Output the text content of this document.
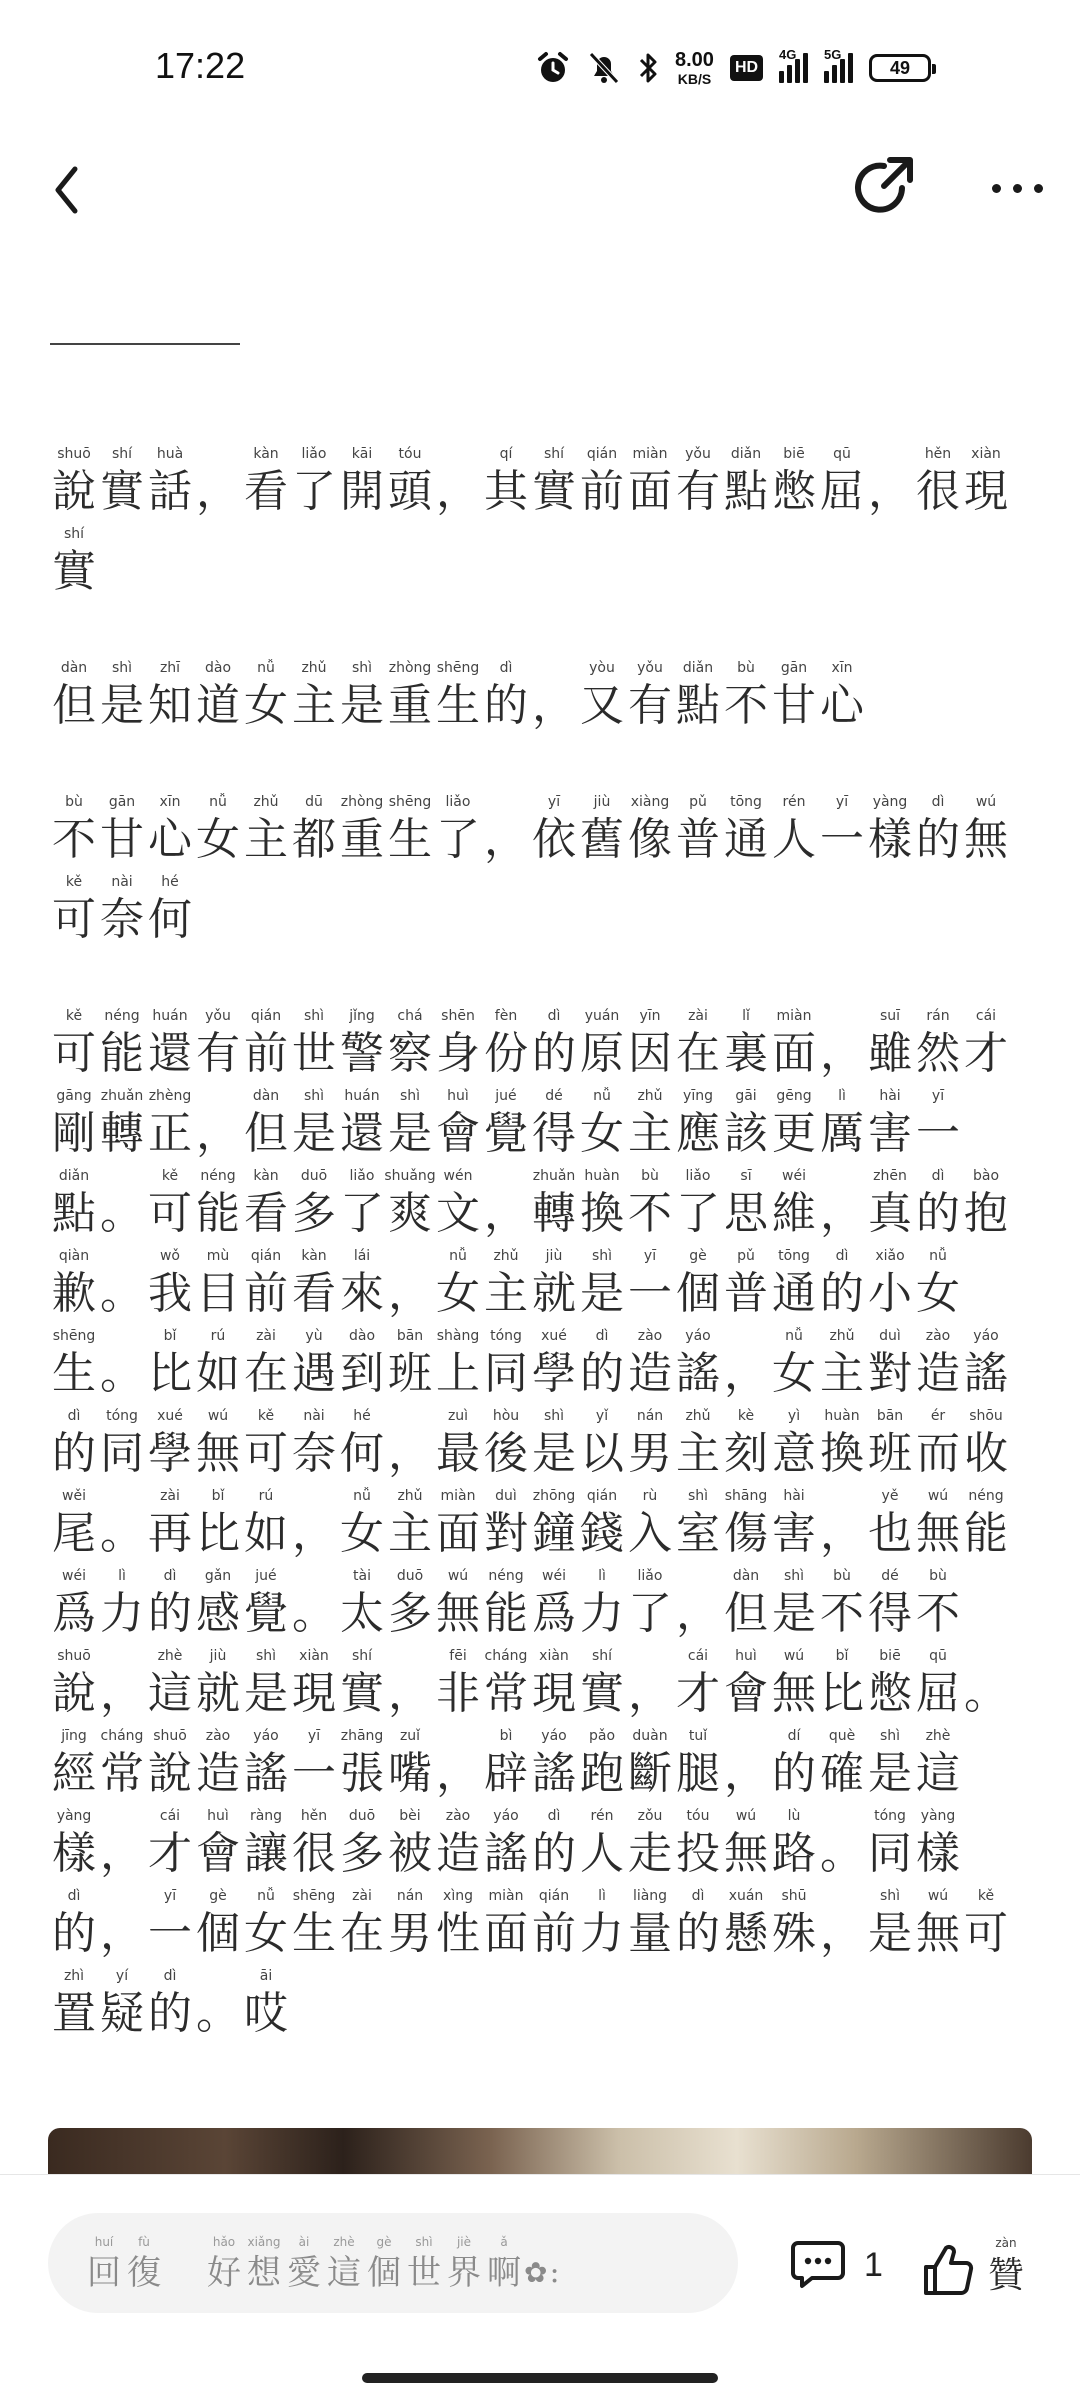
17:22	8.00
KB/S
HD
4G 5G
49
shuō
說
shí
實
huà
話 ，
kàn
看
liǎo
了
kāi
開
tóu
頭 ，
qí
其
shí
實
qián
前
miàn
面
yǒu
有
diǎn
點
biē
憋
qū
屈 ，
hěn
很
xiàn
現
shí
實
dàn
但
shì
是
zhī
知
dào
道
nǚ
女
zhǔ
主
shì
是
zhòng
重
shēng
生
dì
的 ，
yòu
又
yǒu
有
diǎn
點
bù
不
gān
甘
xīn
心
bù
不
gān
甘
xīn
心
nǚ
女
zhǔ
主
dū
都
zhòng
重
shēng
生
liǎo
了 ，
yī
依
jiù
舊
xiàng
像
pǔ
普
tōng
通
rén
人
yī
一
yàng
樣
dì
的
wú
無
kě
可
nài
奈
hé
何
kě
可
néng
能
huán
還
yǒu
有
qián
前
shì
世
jǐng
警
chá
察
shēn
身
fèn
份
dì
的
yuán
原
yīn
因
zài
在
lǐ
裏
miàn
面 ，
suī
雖
rán
然
cái
才
gāng
剛
zhuǎn
轉
zhèng
正 ，
dàn
但
shì
是
huán
還
shì
是
huì
會
jué
覺
dé
得
nǚ
女
zhǔ
主
yīng
應
gāi
該
gēng
更
lì
厲
hài
害
yī
一
diǎn
點 。
kě
可
néng
能
kàn
看
duō
多
liǎo
了
shuǎng
爽
wén
文 ，
zhuǎn
轉
huàn
換
bù
不
liǎo
了
sī
思
wéi
維 ，
zhēn
真
dì
的
bào
抱
qiàn
歉 。
wǒ
我
mù
目
qián
前
kàn
看
lái
來 ，
nǚ
女
zhǔ
主
jiù
就
shì
是
yī
一
gè
個
pǔ
普
tōng
通
dì
的
xiǎo
小
nǚ
女
shēng
生 。
bǐ
比
rú
如
zài
在
yù
遇
dào
到
bān
班
shàng
上
tóng
同
xué
學
dì
的
zào
造
yáo
謠 ，
nǚ
女
zhǔ
主
duì
對
zào
造
yáo
謠
dì
的
tóng
同
xué
學
wú
無
kě
可
nài
奈
hé
何 ，
zuì
最
hòu
後
shì
是
yǐ
以
nán
男
zhǔ
主
kè
刻
yì
意
huàn
換
bān
班
ér
而
shōu
收
wěi
尾 。
zài
再
bǐ
比
rú
如 ，
nǚ
女
zhǔ
主
miàn
面
duì
對
zhōng
鐘
qián
錢
rù
入
shì
室
shāng
傷
hài
害 ，
yě
也
wú
無
néng
能
wéi
爲
lì
力
dì
的
gǎn
感
jué
覺 。
tài
太
duō
多
wú
無
néng
能
wéi
爲
lì
力
liǎo
了 ，
dàn
但
shì
是
bù
不
dé
得
bù
不
shuō
說 ，
zhè
這
jiù
就
shì
是
xiàn
現
shí
實 ，
fēi
非
cháng
常
xiàn
現
shí
實 ，
cái
才
huì
會
wú
無
bǐ
比
biē
憋
qū
屈 。
jīng
經
cháng
常
shuō
說
zào
造
yáo
謠
yī
一
zhāng
張
zuǐ
嘴 ，
bì
辟
yáo
謠
pǎo
跑
duàn
斷
tuǐ
腿 ，
dí
的
què
確
shì
是
zhè
這
yàng
樣 ，
cái
才
huì
會
ràng
讓
hěn
很
duō
多
bèi
被
zào
造
yáo
謠
dì
的
rén
人
zǒu
走
tóu
投
wú
無
lù
路 。
tóng
同
yàng
樣
dì
的 ，
yī
一
gè
個
nǚ
女
shēng
生
zài
在
nán
男
xìng
性
miàn
面
qián
前
lì
力
liàng
量
dì
的
xuán
懸
shū
殊 ，
shì
是
wú
無
kě
可
zhì
置
yí
疑
dì
的 。
āi
哎
huí
回
fù
復
hǎo
好
xiǎng
想
ài
愛
zhè
這
gè
個
shì
世
jiè
界
ǎ
啊 ✿ :	1
zàn
贊
